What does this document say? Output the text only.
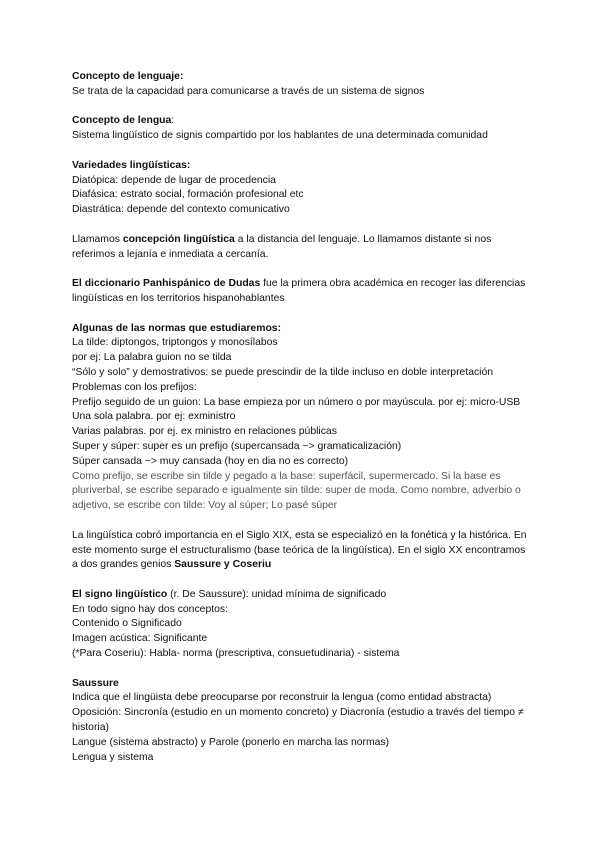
Concepto de lenguaje:
Se trata de la capacidad para comunicarse a través de un sistema de signos
Concepto de lengua:
Sistema lingüístico de signis compartido por los hablantes de una determinada comunidad
Variedades lingüísticas:
Diatópica: depende de lugar de procedencia
Diafásica: estrato social, formación profesional etc
Diastrática: depende del contexto comunicativo
Llamamos concepción lingüística a la distancia del lenguaje. Lo llamamos distante si nos referimos a lejanía e inmediata a cercanía.
El diccionario Panhispánico de Dudas fue la primera obra académica en recoger las diferencias lingüísticas en los territorios hispanohablantes
Algunas de las normas que estudiaremos:
La tilde: diptongos, triptongos y monosílabos
por ej: La palabra guion no se tilda
“Sólo y solo” y demostrativos: se puede prescindir de la tilde incluso en doble interpretación
Problemas con los prefijos:
Prefijo seguido de un guion: La base empieza por un número o por mayúscula. por ej: micro-USB
Una sola palabra. por ej: exministro
Varias palabras. por ej. ex ministro en relaciones públicas
Super y súper: super es un prefijo (supercansada ~> gramaticalización)
Súper cansada ~> muy cansada (hoy en dia no es correcto)
Como prefijo, se escribe sin tilde y pegado a la base: superfácil, supermercado. Si la base es pluriverbal, se escribe separado e igualmente sin tilde: super de moda. Como nombre, adverbio o adjetivo, se escribe con tilde: Voy al súper; Lo pasé súper
La lingüística cobró importancia en el Siglo XIX, esta se especializó en la fonética y la histórica. En este momento surge el estructuralismo (base teórica de la lingüística). En el siglo XX encontramos a dos grandes genios Saussure y Coseriu
El signo lingüístico (r. De Saussure): unidad mínima de significado
En todo signo hay dos conceptos:
Contenido o Significado
Imagen acústica: Significante
(*Para Coseriu): Habla- norma (prescriptiva, consuetudinaria) - sistema
Saussure
Indica que el lingüista debe preocuparse por reconstruir la lengua (como entidad abstracta)
Oposición: Sincronía (estudio en un momento concreto) y Diacronía (estudio a través del tiempo ≠ historia)
Langue (sistema abstracto) y Parole (ponerlo en marcha las normas)
Lengua y sistema
